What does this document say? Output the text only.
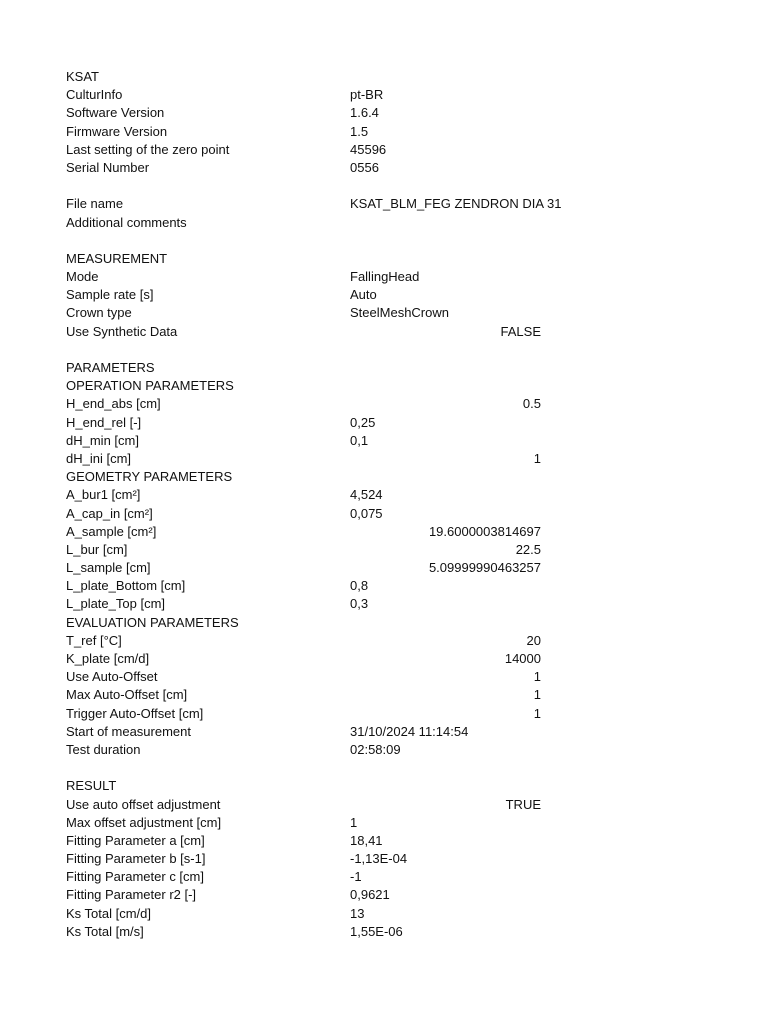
KSAT
CulturInfo	pt-BR
Software Version	1.6.4
Firmware Version	1.5
Last setting of the zero point	45596
Serial Number	0556
File name	KSAT_BLM_FEG ZENDRON DIA 31
Additional comments
MEASUREMENT
Mode	FallingHead
Sample rate [s]	Auto
Crown type	SteelMeshCrown
Use Synthetic Data	FALSE
PARAMETERS
OPERATION PARAMETERS
H_end_abs [cm]	0.5
H_end_rel [-]	0,25
dH_min [cm]	0,1
dH_ini [cm]	1
GEOMETRY PARAMETERS
A_bur1 [cm²]	4,524
A_cap_in [cm²]	0,075
A_sample [cm²]	19.6000003814697
L_bur [cm]	22.5
L_sample [cm]	5.09999990463257
L_plate_Bottom [cm]	0,8
L_plate_Top [cm]	0,3
EVALUATION PARAMETERS
T_ref [°C]	20
K_plate [cm/d]	14000
Use Auto-Offset	1
Max Auto-Offset [cm]	1
Trigger Auto-Offset [cm]	1
Start of measurement	31/10/2024 11:14:54
Test duration	02:58:09
RESULT
Use auto offset adjustment	TRUE
Max offset adjustment [cm]	1
Fitting Parameter a [cm]	18,41
Fitting Parameter b [s-1]	-1,13E-04
Fitting Parameter c [cm]	-1
Fitting Parameter r2 [-]	0,9621
Ks Total [cm/d]	13
Ks Total [m/s]	1,55E-06
